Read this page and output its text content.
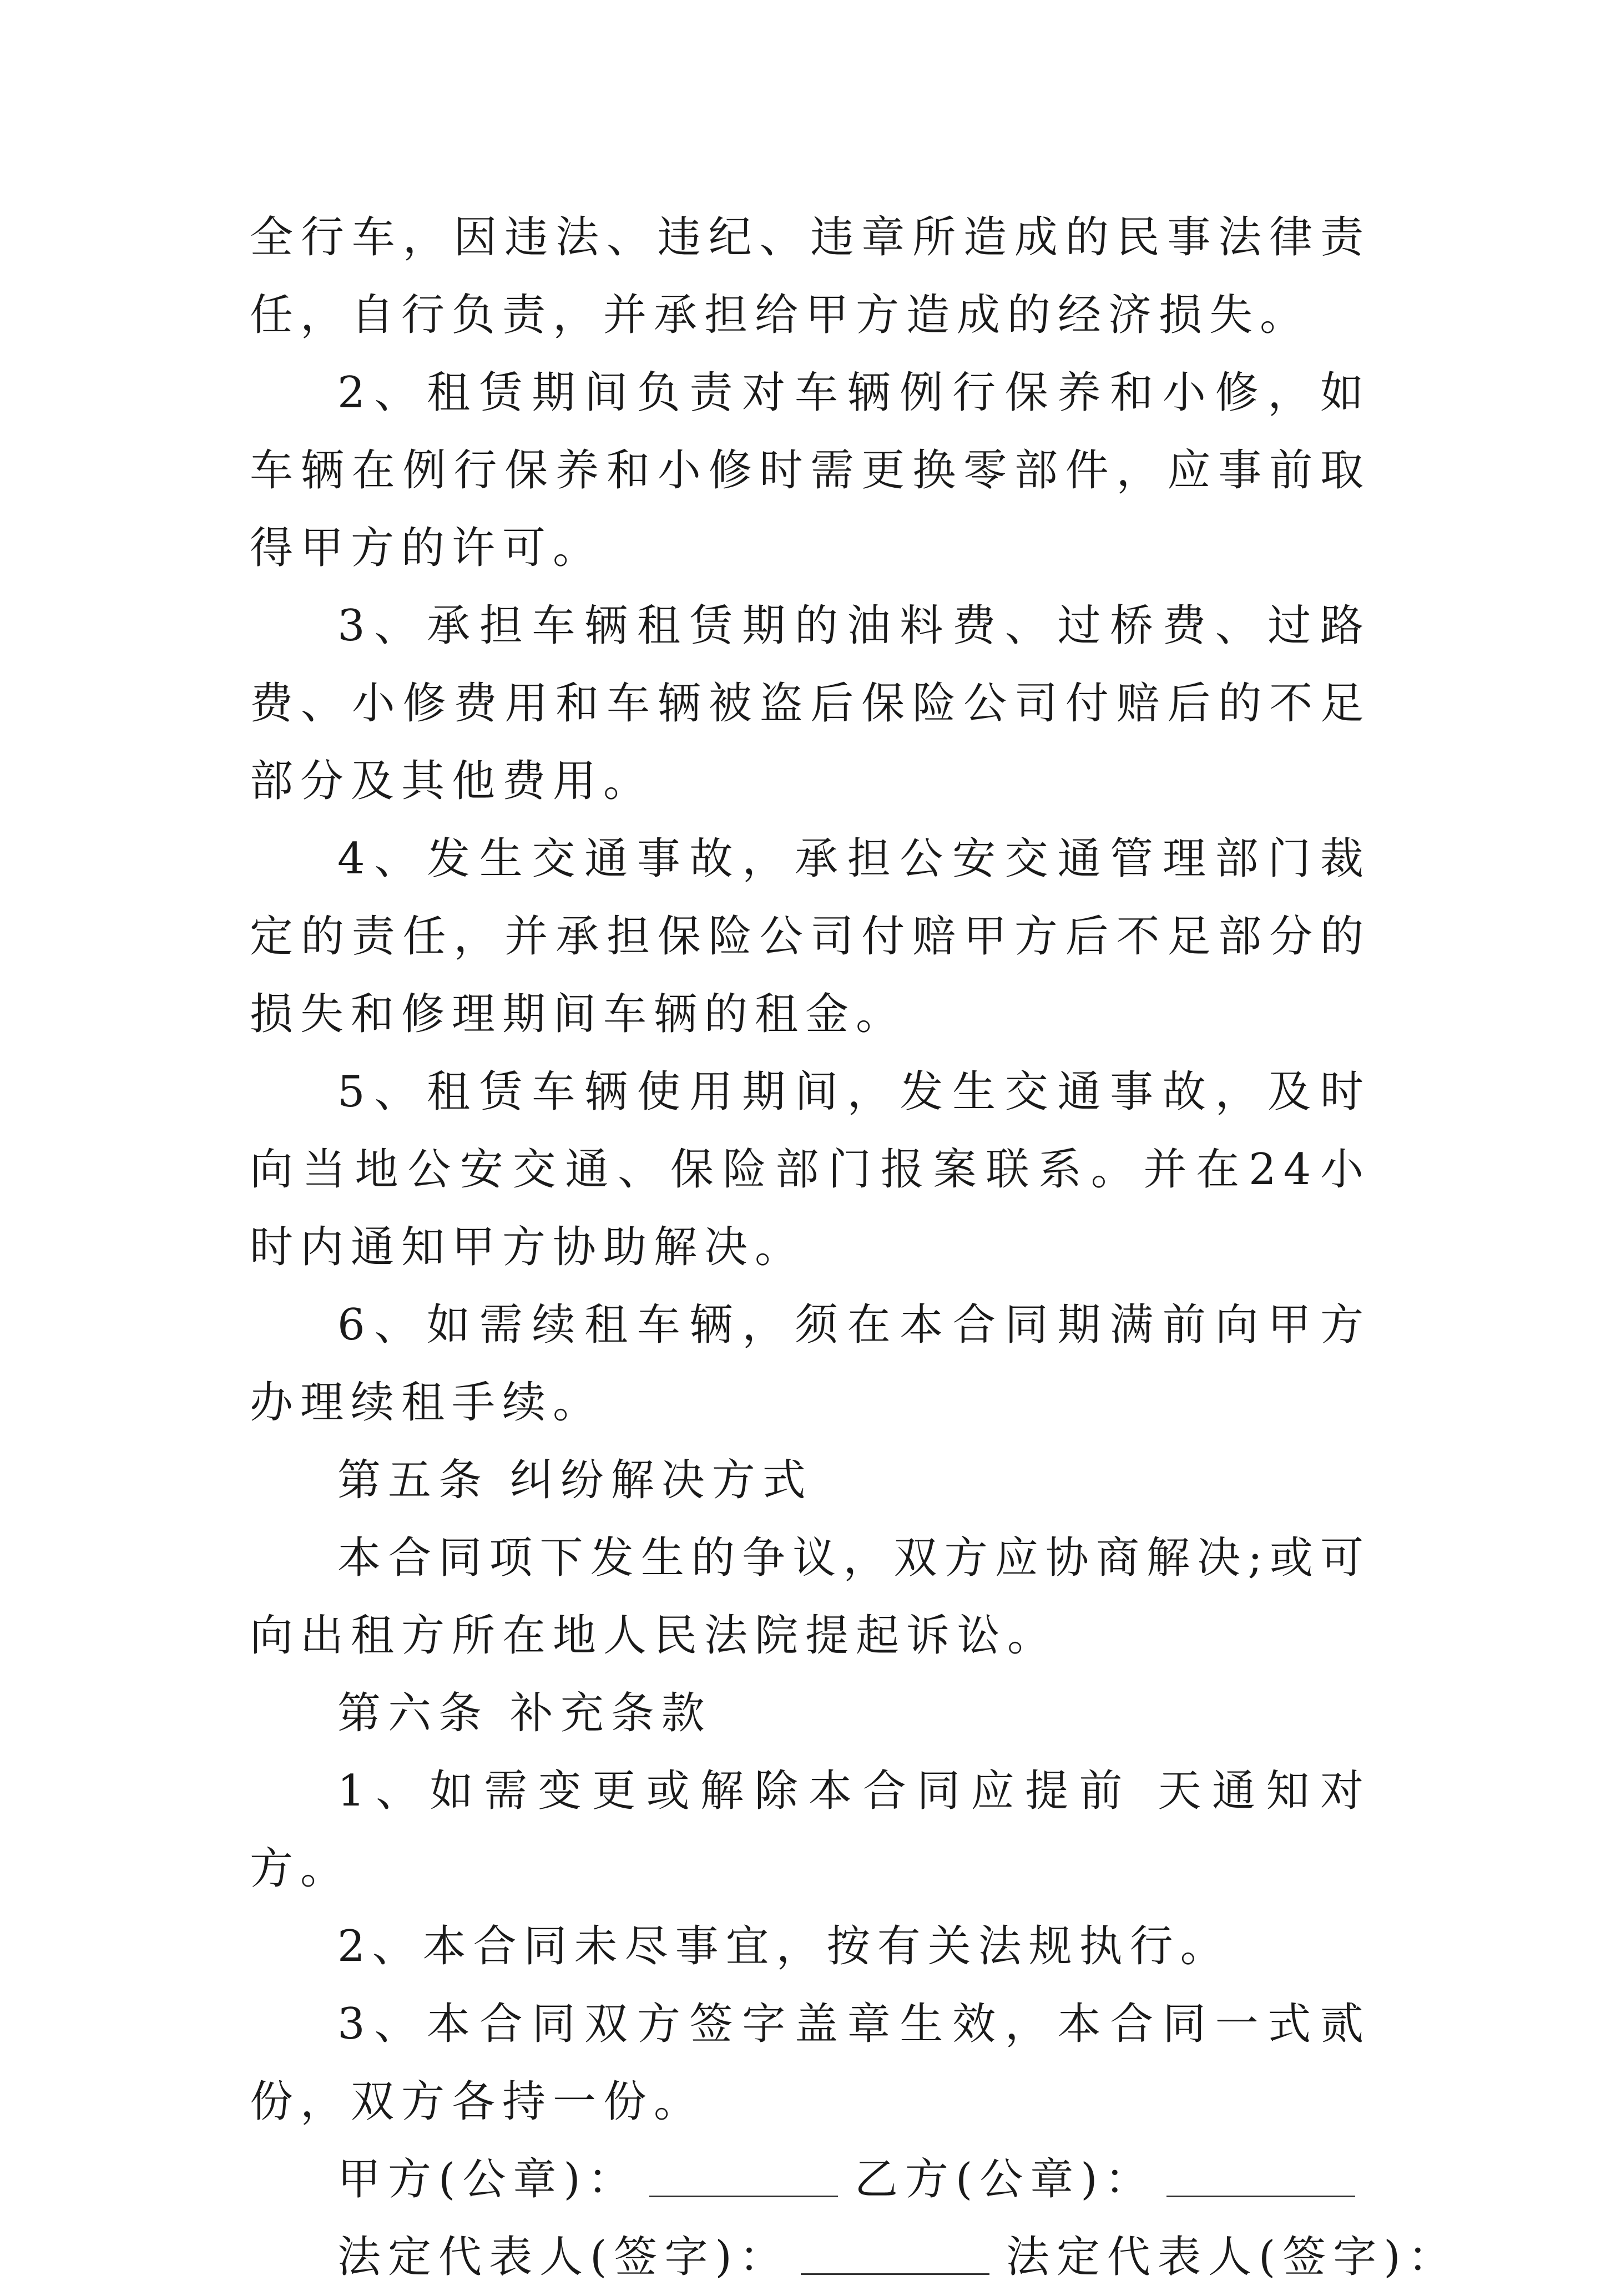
全行车，因违法、违纪、违章所造成的民事法律责任，自行负责，并承担给甲方造成的经济损失。

2、租赁期间负责对车辆例行保养和小修，如车辆在例行保养和小修时需更换零部件，应事前取得甲方的许可。

3、承担车辆租赁期的油料费、过桥费、过路费、小修费用和车辆被盗后保险公司付赔后的不足部分及其他费用。

4、发生交通事故，承担公安交通管理部门裁定的责任，并承担保险公司付赔甲方后不足部分的损失和修理期间车辆的租金。

5、租赁车辆使用期间，发生交通事故，及时向当地公安交通、保险部门报案联系。并在24小时内通知甲方协助解决。

6、如需续租车辆，须在本合同期满前向甲方办理续租手续。

第五条 纠纷解决方式

本合同项下发生的争议，双方应协商解决;或可向出租方所在地人民法院提起诉讼。

第六条 补充条款

1、如需变更或解除本合同应提前 天通知对方。

2、本合同未尽事宜，按有关法规执行。

3、本合同双方签字盖章生效，本合同一式贰份，双方各持一份。

甲方(公章)：	乙方(公章)：

法定代表人(签字)：	法定代表人(签字)：
